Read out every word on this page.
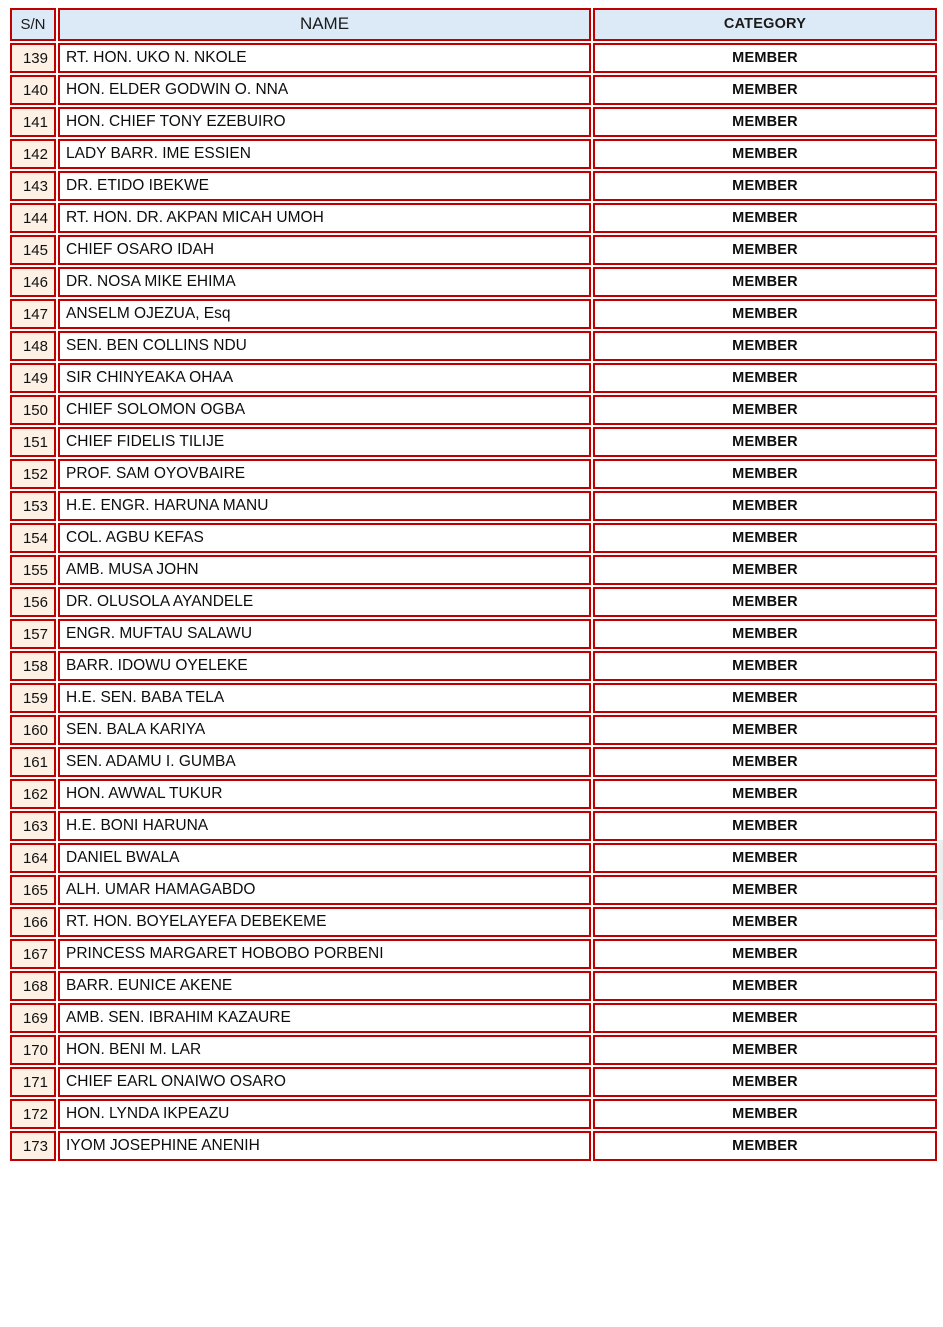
S/N	NAME	CATEGORY
139	RT. HON. UKO N. NKOLE	MEMBER
140	HON. ELDER GODWIN O. NNA	MEMBER
141	HON. CHIEF TONY EZEBUIRO	MEMBER
142	LADY BARR. IME ESSIEN	MEMBER
143	DR. ETIDO IBEKWE	MEMBER
144	RT. HON. DR. AKPAN MICAH UMOH	MEMBER
145	CHIEF OSARO IDAH	MEMBER
146	DR. NOSA MIKE EHIMA	MEMBER
147	ANSELM OJEZUA, Esq	MEMBER
148	SEN. BEN COLLINS NDU	MEMBER
149	SIR CHINYEAKA OHAA	MEMBER
150	CHIEF SOLOMON OGBA	MEMBER
151	CHIEF FIDELIS TILIJE	MEMBER
152	PROF. SAM OYOVBAIRE	MEMBER
153	H.E. ENGR. HARUNA MANU	MEMBER
154	COL. AGBU KEFAS	MEMBER
155	AMB. MUSA JOHN	MEMBER
156	DR. OLUSOLA AYANDELE	MEMBER
157	ENGR. MUFTAU SALAWU	MEMBER
158	BARR. IDOWU OYELEKE	MEMBER
159	H.E. SEN. BABA TELA	MEMBER
160	SEN. BALA KARIYA	MEMBER
161	SEN. ADAMU I. GUMBA	MEMBER
162	HON. AWWAL TUKUR	MEMBER
163	H.E. BONI HARUNA	MEMBER
164	DANIEL BWALA	MEMBER
165	ALH. UMAR HAMAGABDO	MEMBER
166	RT. HON. BOYELAYEFA DEBEKEME	MEMBER
167	PRINCESS MARGARET HOBOBO PORBENI	MEMBER
168	BARR. EUNICE AKENE	MEMBER
169	AMB. SEN. IBRAHIM KAZAURE	MEMBER
170	HON. BENI M. LAR	MEMBER
171	CHIEF EARL ONAIWO OSARO	MEMBER
172	HON. LYNDA IKPEAZU	MEMBER
173	IYOM JOSEPHINE ANENIH	MEMBER
